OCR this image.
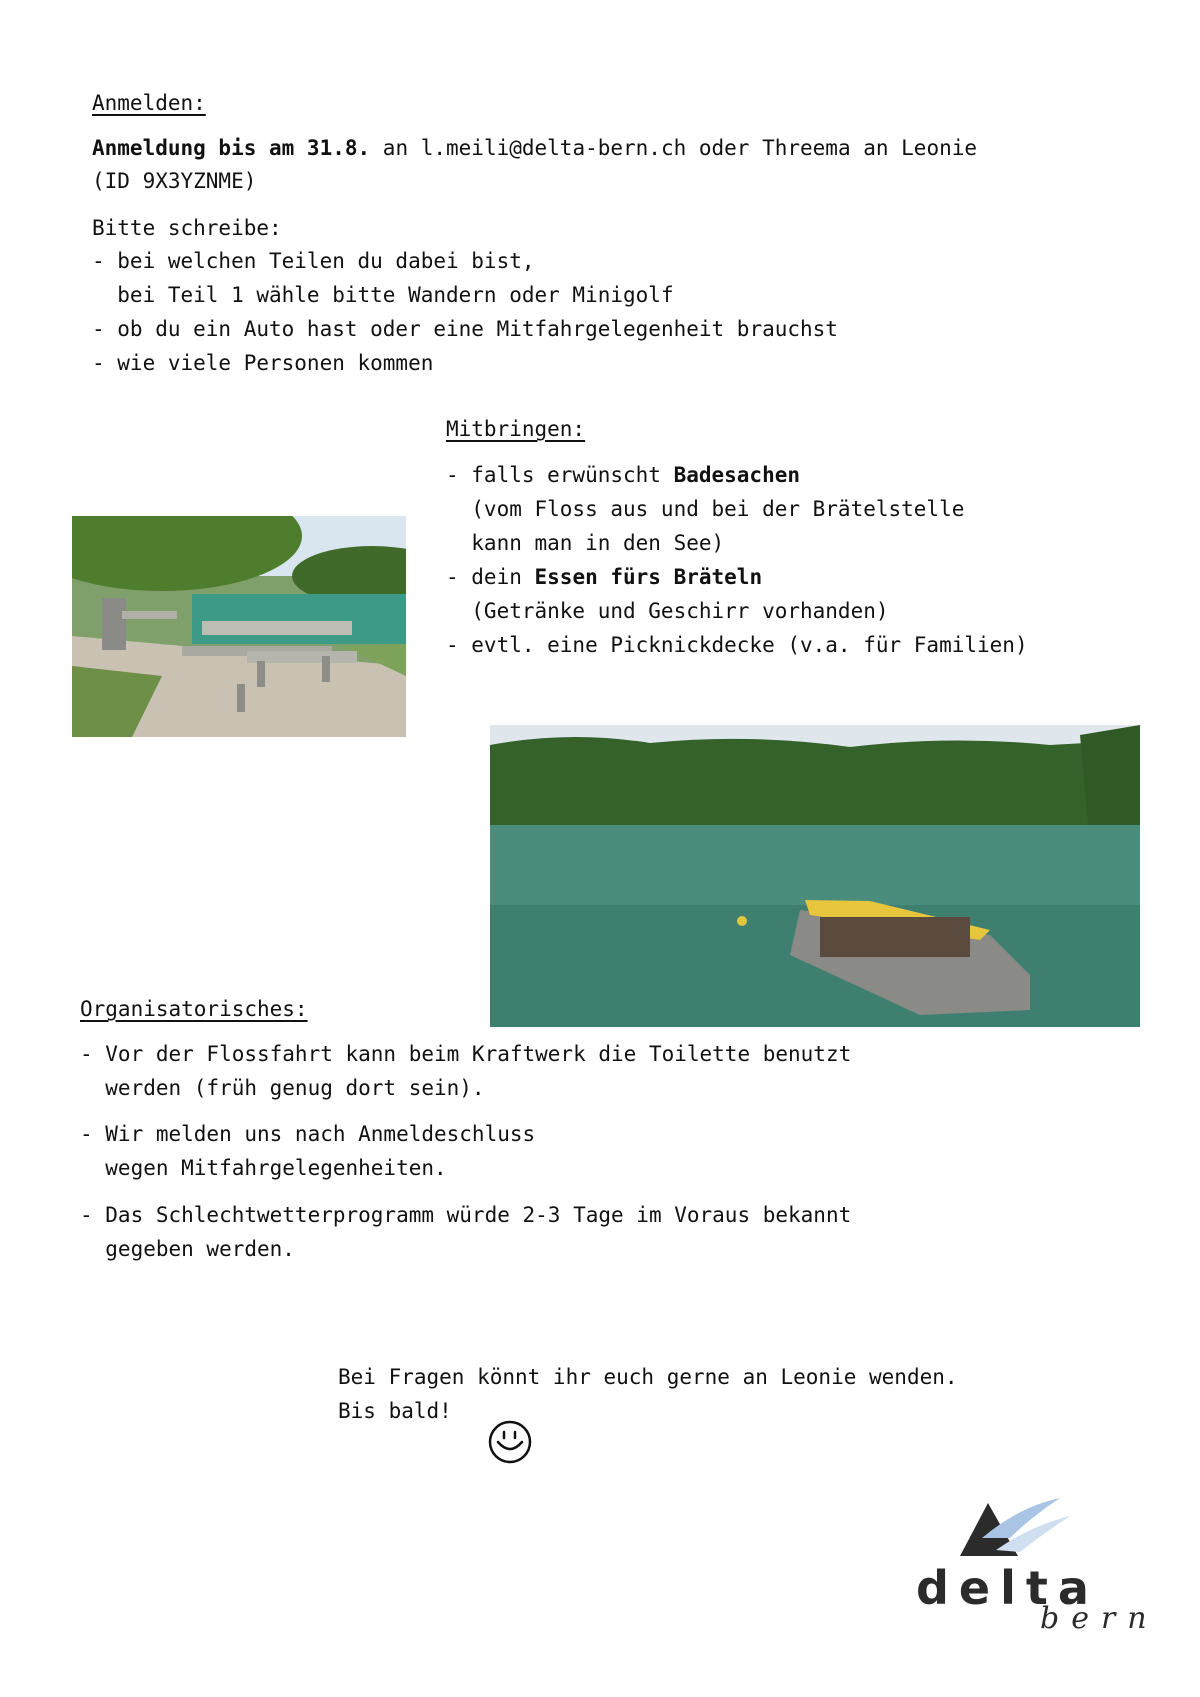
Anmelden:
Anmeldung bis am 31.8. an l.meili@delta-bern.ch oder Threema an Leonie
(ID 9X3YZNME)
Bitte schreibe:
- bei welchen Teilen du dabei bist,
bei Teil 1 wähle bitte Wandern oder Minigolf
- ob du ein Auto hast oder eine Mitfahrgelegenheit brauchst
- wie viele Personen kommen
Mitbringen:
- falls erwünscht Badesachen
(vom Floss aus und bei der Brätelstelle
kann man in den See)
- dein Essen fürs Bräteln
(Getränke und Geschirr vorhanden)
- evtl. eine Picknickdecke (v.a. für Familien)
Organisatorisches:
- Vor der Flossfahrt kann beim Kraftwerk die Toilette benutzt
werden (früh genug dort sein).
- Wir melden uns nach Anmeldeschluss
wegen Mitfahrgelegenheiten.
- Das Schlechtwetterprogramm würde 2-3 Tage im Voraus bekannt
gegeben werden.
Bei Fragen könnt ihr euch gerne an Leonie wenden.
Bis bald!
delta
bern
